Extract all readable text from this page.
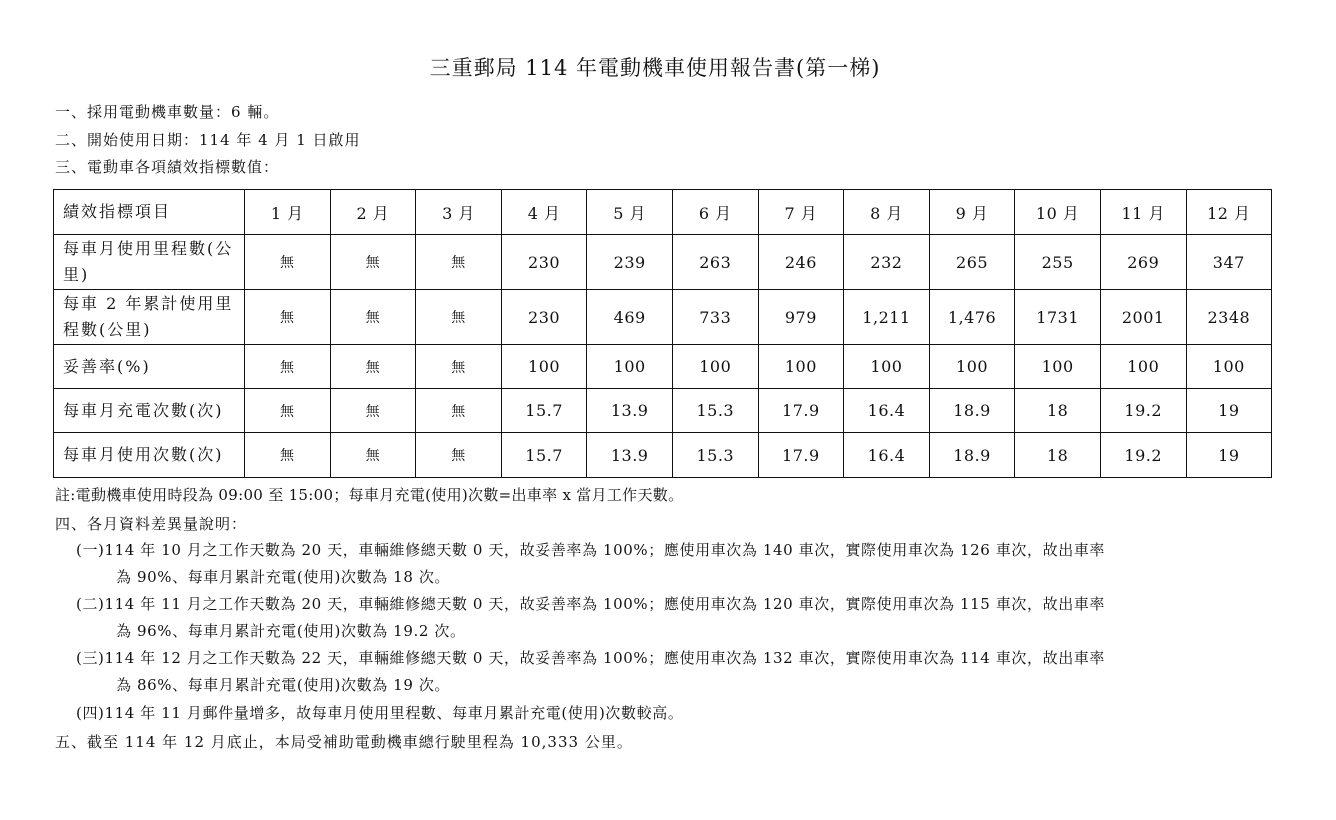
三重郵局 114 年電動機車使用報告書(第一梯)
一、採用電動機車數量：6 輛。
二、開始使用日期：114 年 4 月 1 日啟用
三、電動車各項績效指標數值：
績效指標項目	1 月	2 月	3 月	4 月	5 月	6 月	7 月	8 月	9 月	10 月	11 月	12 月
每車月使用里程數(公里)	無	無	無	230	239	263	246	232	265	255	269	347
每車 2 年累計使用里程數(公里)	無	無	無	230	469	733	979	1,211	1,476	1731	2001	2348
妥善率(%)	無	無	無	100	100	100	100	100	100	100	100	100
每車月充電次數(次)	無	無	無	15.7	13.9	15.3	17.9	16.4	18.9	18	19.2	19
每車月使用次數(次)	無	無	無	15.7	13.9	15.3	17.9	16.4	18.9	18	19.2	19
註:電動機車使用時段為 09:00 至 15:00；每車月充電(使用)次數=出車率 x 當月工作天數。
四、各月資料差異量說明：
(一)114 年 10 月之工作天數為 20 天，車輛維修總天數 0 天，故妥善率為 100%；應使用車次為 140 車次，實際使用車次為 126 車次，故出車率
為 90%、每車月累計充電(使用)次數為 18 次。
(二)114 年 11 月之工作天數為 20 天，車輛維修總天數 0 天，故妥善率為 100%；應使用車次為 120 車次，實際使用車次為 115 車次，故出車率
為 96%、每車月累計充電(使用)次數為 19.2 次。
(三)114 年 12 月之工作天數為 22 天，車輛維修總天數 0 天，故妥善率為 100%；應使用車次為 132 車次，實際使用車次為 114 車次，故出車率
為 86%、每車月累計充電(使用)次數為 19 次。
(四)114 年 11 月郵件量增多，故每車月使用里程數、每車月累計充電(使用)次數較高。
五、截至 114 年 12 月底止，本局受補助電動機車總行駛里程為 10,333 公里。
